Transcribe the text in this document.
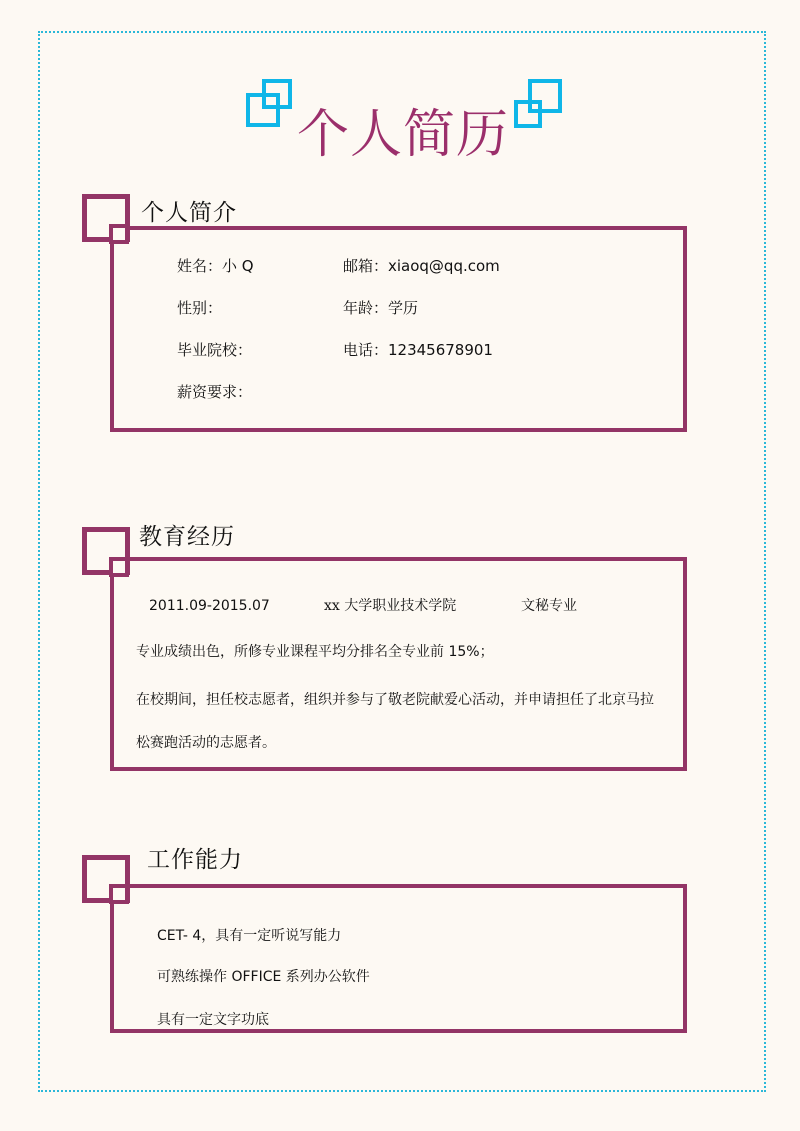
个人简历
个人简介
姓名：小 Q	邮箱：xiaoq@qq.com
性别：	年龄：学历
毕业院校：	电话：12345678901
薪资要求：
教育经历
2011.09-2015.07	xx 大学职业技术学院	文秘专业
专业成绩出色，所修专业课程平均分排名全专业前 15%；
在校期间，担任校志愿者，组织并参与了敬老院献爱心活动，并申请担任了北京马拉
松赛跑活动的志愿者。
工作能力
CET- 4，具有一定听说写能力
可熟练操作 OFFICE 系列办公软件
具有一定文字功底
